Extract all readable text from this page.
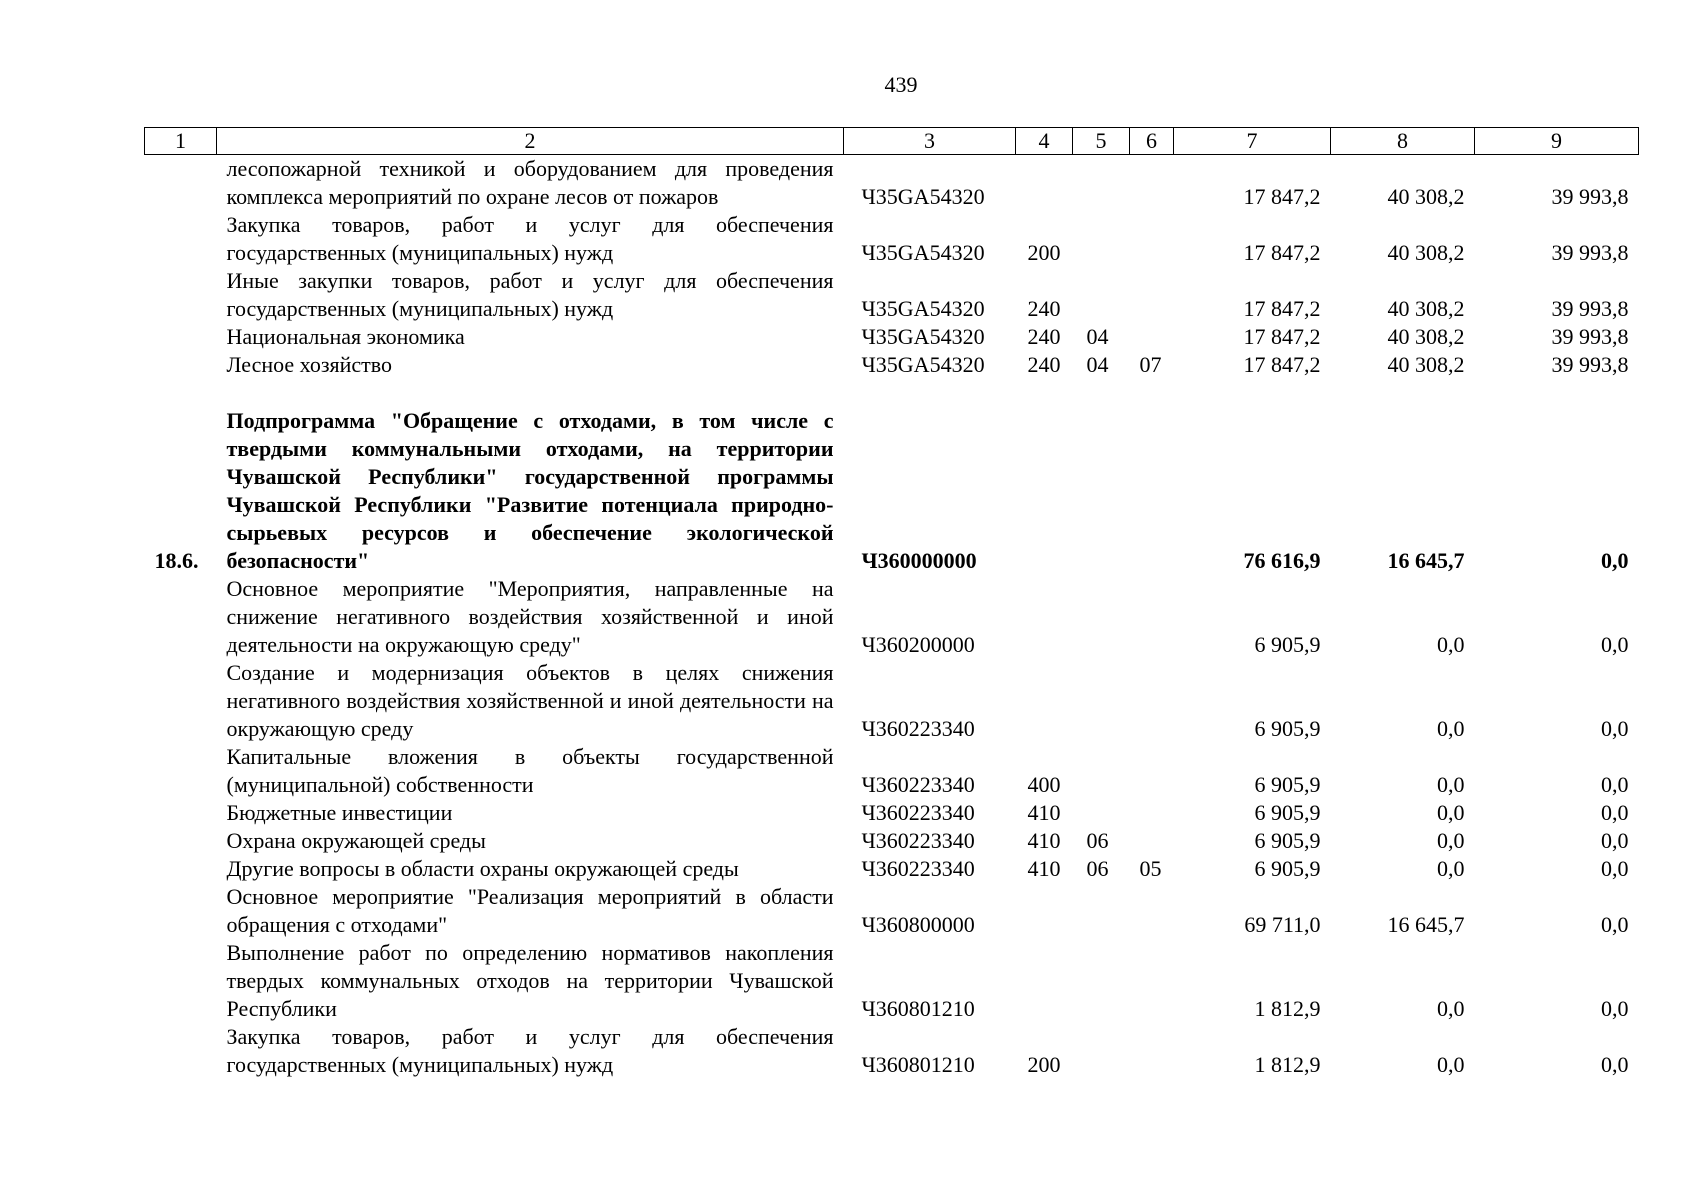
439
1	2	3	4	5	6	7	8	9
	лесопожарной техникой и оборудованием для проведения комплекса мероприятий по охране лесов от пожаров	Ч35GA54320				17 847,2	40 308,2	39 993,8
	Закупка товаров, работ и услуг для обеспечения государственных (муниципальных) нужд	Ч35GA54320	200			17 847,2	40 308,2	39 993,8
	Иные закупки товаров, работ и услуг для обеспечения государственных (муниципальных) нужд	Ч35GA54320	240			17 847,2	40 308,2	39 993,8
	Национальная экономика	Ч35GA54320	240	04		17 847,2	40 308,2	39 993,8
	Лесное хозяйство	Ч35GA54320	240	04	07	17 847,2	40 308,2	39 993,8

18.6.	Подпрограмма "Обращение с отходами, в том числе с твердыми коммунальными отходами, на территории Чувашской Республики" государственной программы Чувашской Республики "Развитие потенциала природно-сырьевых ресурсов и обеспечение экологической безопасности"	Ч360000000				76 616,9	16 645,7	0,0
	Основное мероприятие "Мероприятия, направленные на снижение негативного воздействия хозяйственной и иной деятельности на окружающую среду"	Ч360200000				6 905,9	0,0	0,0
	Создание и модернизация объектов в целях снижения негативного воздействия хозяйственной и иной деятельности на окружающую среду	Ч360223340				6 905,9	0,0	0,0
	Капитальные вложения в объекты государственной (муниципальной) собственности	Ч360223340	400			6 905,9	0,0	0,0
	Бюджетные инвестиции	Ч360223340	410			6 905,9	0,0	0,0
	Охрана окружающей среды	Ч360223340	410	06		6 905,9	0,0	0,0
	Другие вопросы в области охраны окружающей среды	Ч360223340	410	06	05	6 905,9	0,0	0,0
	Основное мероприятие "Реализация мероприятий в области обращения с отходами"	Ч360800000				69 711,0	16 645,7	0,0
	Выполнение работ по определению нормативов накопления твердых коммунальных отходов на территории Чувашской Республики	Ч360801210				1 812,9	0,0	0,0
	Закупка товаров, работ и услуг для обеспечения государственных (муниципальных) нужд	Ч360801210	200			1 812,9	0,0	0,0
